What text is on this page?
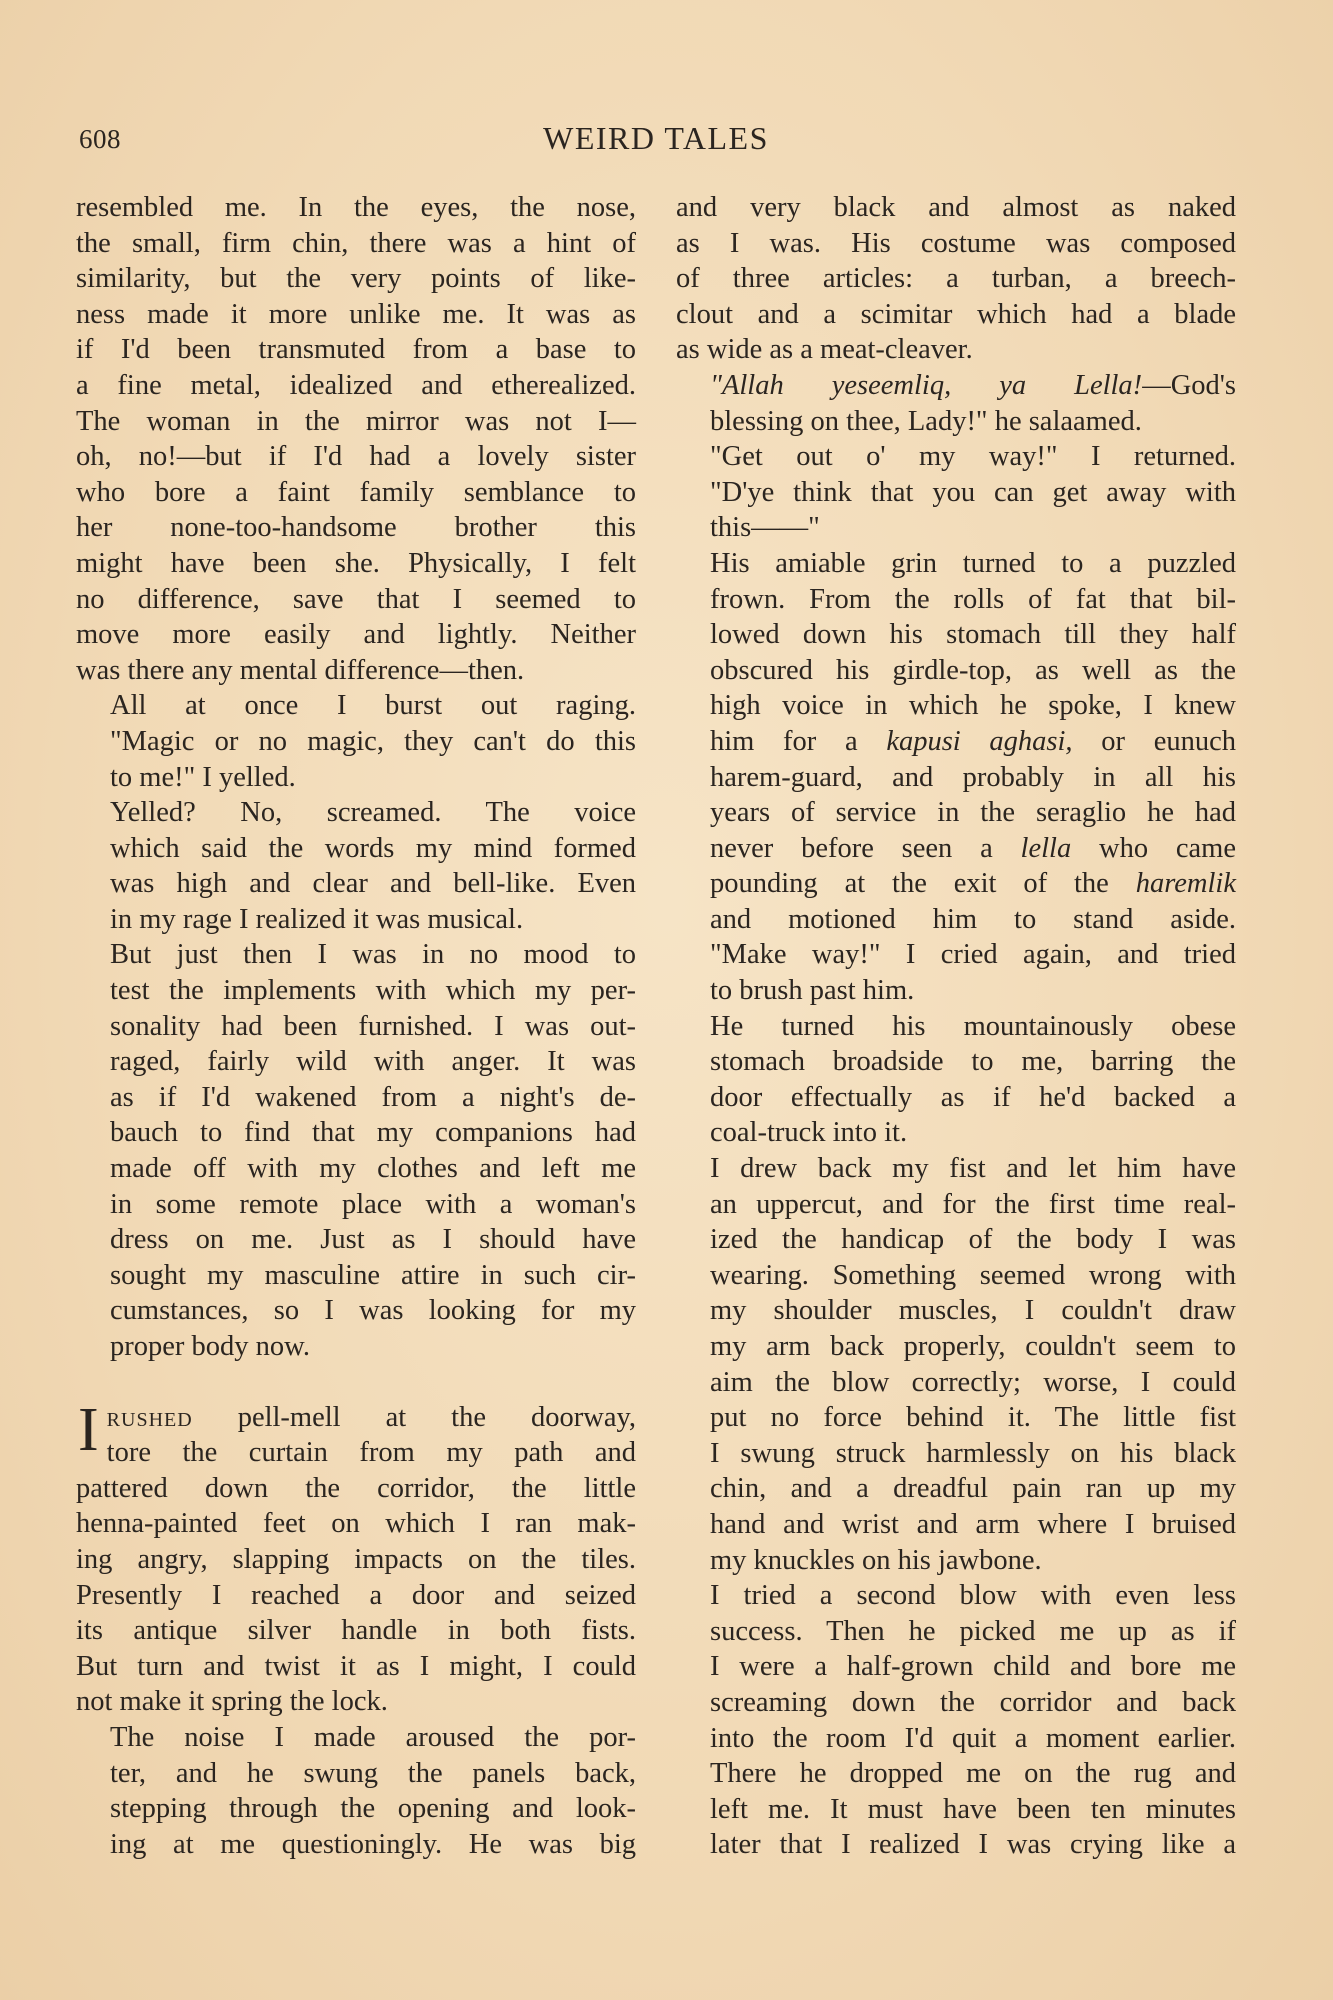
608	WEIRD TALES

resembled me. In the eyes, the nose,
the small, firm chin, there was a hint of
similarity, but the very points of like-
ness made it more unlike me. It was as
if I'd been transmuted from a base to
a fine metal, idealized and etherealized.
The woman in the mirror was not I—
oh, no!—but if I'd had a lovely sister
who bore a faint family semblance to
her none-too-handsome brother this
might have been she. Physically, I felt
no difference, save that I seemed to
move more easily and lightly. Neither
was there any mental difference—then.

All at once I burst out raging.
"Magic or no magic, they can't do this
to me!" I yelled.

Yelled? No, screamed. The voice
which said the words my mind formed
was high and clear and bell-like. Even
in my rage I realized it was musical.

But just then I was in no mood to
test the implements with which my per-
sonality had been furnished. I was out-
raged, fairly wild with anger. It was
as if I'd wakened from a night's de-
bauch to find that my companions had
made off with my clothes and left me
in some remote place with a woman's
dress on me. Just as I should have
sought my masculine attire in such cir-
cumstances, so I was looking for my
proper body now.

I rushed pell-mell at the doorway,
tore the curtain from my path and
pattered down the corridor, the little
henna-painted feet on which I ran mak-
ing angry, slapping impacts on the tiles.
Presently I reached a door and seized
its antique silver handle in both fists.
But turn and twist it as I might, I could
not make it spring the lock.

The noise I made aroused the por-
ter, and he swung the panels back,
stepping through the opening and look-
ing at me questioningly. He was big

and very black and almost as naked
as I was. His costume was composed
of three articles: a turban, a breech-
clout and a scimitar which had a blade
as wide as a meat-cleaver.

"Allah yeseemliq, ya Lella!—God's
blessing on thee, Lady!" he salaamed.

"Get out o' my way!" I returned.
"D'ye think that you can get away with
this——"

His amiable grin turned to a puzzled
frown. From the rolls of fat that bil-
lowed down his stomach till they half
obscured his girdle-top, as well as the
high voice in which he spoke, I knew
him for a kapusi aghasi, or eunuch
harem-guard, and probably in all his
years of service in the seraglio he had
never before seen a lella who came
pounding at the exit of the haremlik
and motioned him to stand aside.
"Make way!" I cried again, and tried
to brush past him.

He turned his mountainously obese
stomach broadside to me, barring the
door effectually as if he'd backed a
coal-truck into it.

I drew back my fist and let him have
an uppercut, and for the first time real-
ized the handicap of the body I was
wearing. Something seemed wrong with
my shoulder muscles, I couldn't draw
my arm back properly, couldn't seem to
aim the blow correctly; worse, I could
put no force behind it. The little fist
I swung struck harmlessly on his black
chin, and a dreadful pain ran up my
hand and wrist and arm where I bruised
my knuckles on his jawbone.

I tried a second blow with even less
success. Then he picked me up as if
I were a half-grown child and bore me
screaming down the corridor and back
into the room I'd quit a moment earlier.
There he dropped me on the rug and
left me. It must have been ten minutes
later that I realized I was crying like a
